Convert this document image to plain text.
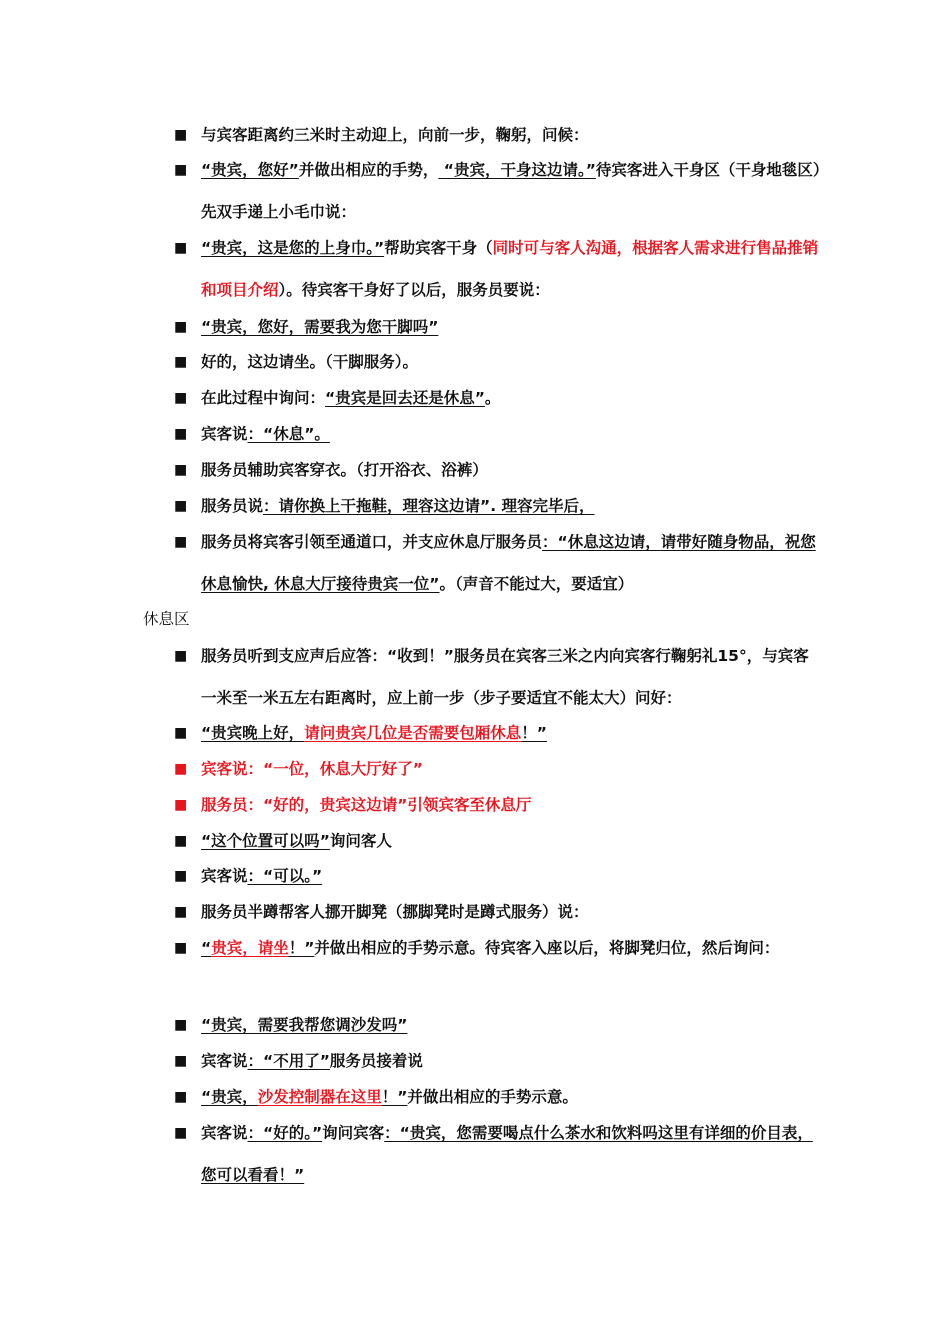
■ 与宾客距离约三米时主动迎上，向前一步，鞠躬，问候：
■ “贵宾，您好”并做出相应的手势， “贵宾，干身这边请。”待宾客进入干身区（干身地毯区）先双手递上小毛巾说：
■ “贵宾，这是您的上身巾。”帮助宾客干身（同时可与客人沟通，根据客人需求进行售品推销和项目介绍）。待宾客干身好了以后，服务员要说：
■ “贵宾，您好，需要我为您干脚吗”
■ 好的，这边请坐。（干脚服务）。
■ 在此过程中询问：“贵宾是回去还是休息”。
■ 宾客说：“休息”。
■ 服务员辅助宾客穿衣。（打开浴衣、浴裤）
■ 服务员说：请你换上干拖鞋，理容这边请”. 理容完毕后，
■ 服务员将宾客引领至通道口，并支应休息厅服务员：“休息这边请，请带好随身物品，祝您休息愉快, 休息大厅接待贵宾一位”。（声音不能过大，要适宜）
休息区
■ 服务员听到支应声后应答：“收到！”服务员在宾客三米之内向宾客行鞠躬礼15°，与宾客一米至一米五左右距离时，应上前一步（步子要适宜不能太大）问好：
■ “贵宾晚上好，请问贵宾几位是否需要包厢休息！”
■ 宾客说：“一位，休息大厅好了”
■ 服务员：“好的，贵宾这边请”引领宾客至休息厅
■ “这个位置可以吗”询问客人
■ 宾客说：“可以。”
■ 服务员半蹲帮客人挪开脚凳（挪脚凳时是蹲式服务）说：
■ “贵宾，请坐！”并做出相应的手势示意。待宾客入座以后，将脚凳归位，然后询问：
■ “贵宾，需要我帮您调沙发吗”
■ 宾客说：“不用了”服务员接着说
■ “贵宾，沙发控制器在这里！”并做出相应的手势示意。
■ 宾客说：“好的。”询问宾客：“贵宾，您需要喝点什么茶水和饮料吗这里有详细的价目表，您可以看看！”
